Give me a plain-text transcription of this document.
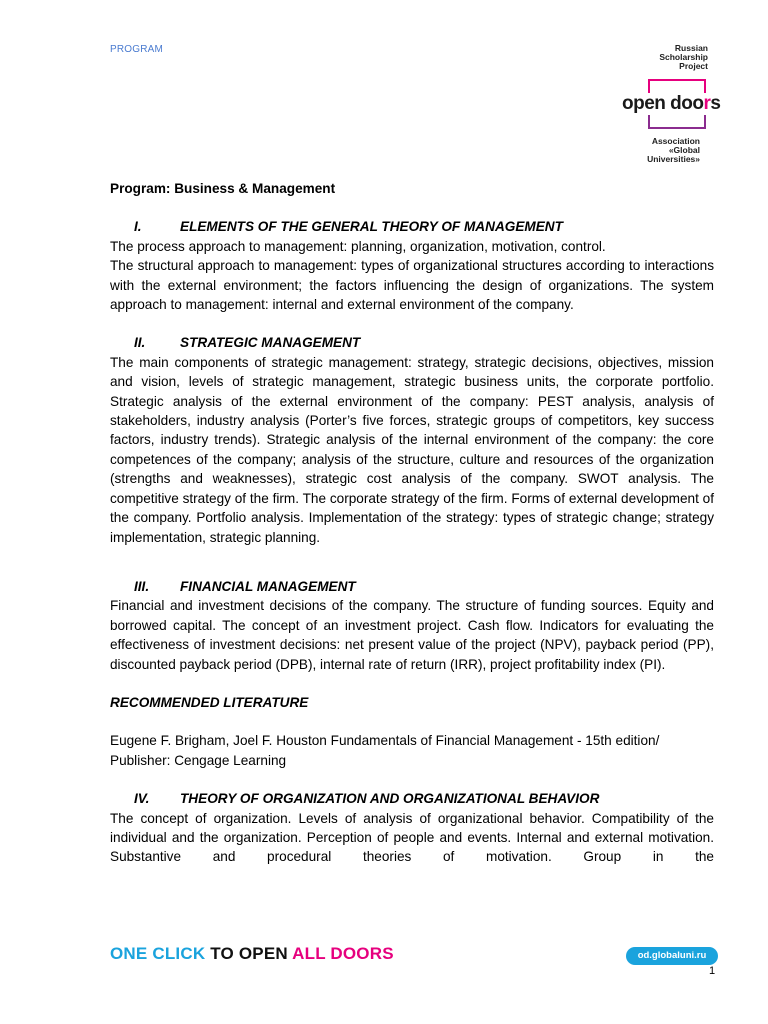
PROGRAM	Russian
Scholarship
Project
open doors
Association
«Global
Universities»
Program: Business & Management
I.	ELEMENTS OF THE GENERAL THEORY OF MANAGEMENT

The process approach to management: planning, organization, motivation, control.

The structural approach to management: types of organizational structures according to interactions with the external environment; the factors influencing the design of organizations. The system approach to management: internal and external environment of the company.

II.	STRATEGIC MANAGEMENT

The main components of strategic management: strategy, strategic decisions, objectives, mission and vision, levels of strategic management, strategic business units, the corporate portfolio. Strategic analysis of the external environment of the company: PEST analysis, analysis of stakeholders, industry analysis (Porter’s five forces, strategic groups of competitors, key success factors, industry trends). Strategic analysis of the internal environment of the company: the core competences of the company; analysis of the structure, culture and resources of the organization (strengths and weaknesses), strategic cost analysis of the company. SWOT analysis. The competitive strategy of the firm. The corporate strategy of the firm. Forms of external development of the company. Portfolio analysis. Implementation of the strategy: types of strategic change; strategy implementation, strategic planning.

III.	FINANCIAL MANAGEMENT

Financial and investment decisions of the company. The structure of funding sources. Equity and borrowed capital. The concept of an investment project. Cash flow. Indicators for evaluating the effectiveness of investment decisions: net present value of the project (NPV), payback period (PP), discounted payback period (DPB), internal rate of return (IRR), project profitability index (PI).

RECOMMENDED LITERATURE

Eugene F. Brigham, Joel F. Houston Fundamentals of Financial Management - 15th edition/ Publisher: Cengage Learning

IV.	THEORY OF ORGANIZATION AND ORGANIZATIONAL BEHAVIOR

The concept of organization. Levels of analysis of organizational behavior. Compatibility of the individual and the organization. Perception of people and events. Internal and external motivation. Substantive and procedural theories of motivation. Group in the

ONE CLICK TO OPEN ALL DOORS	od.globaluni.ru
1
